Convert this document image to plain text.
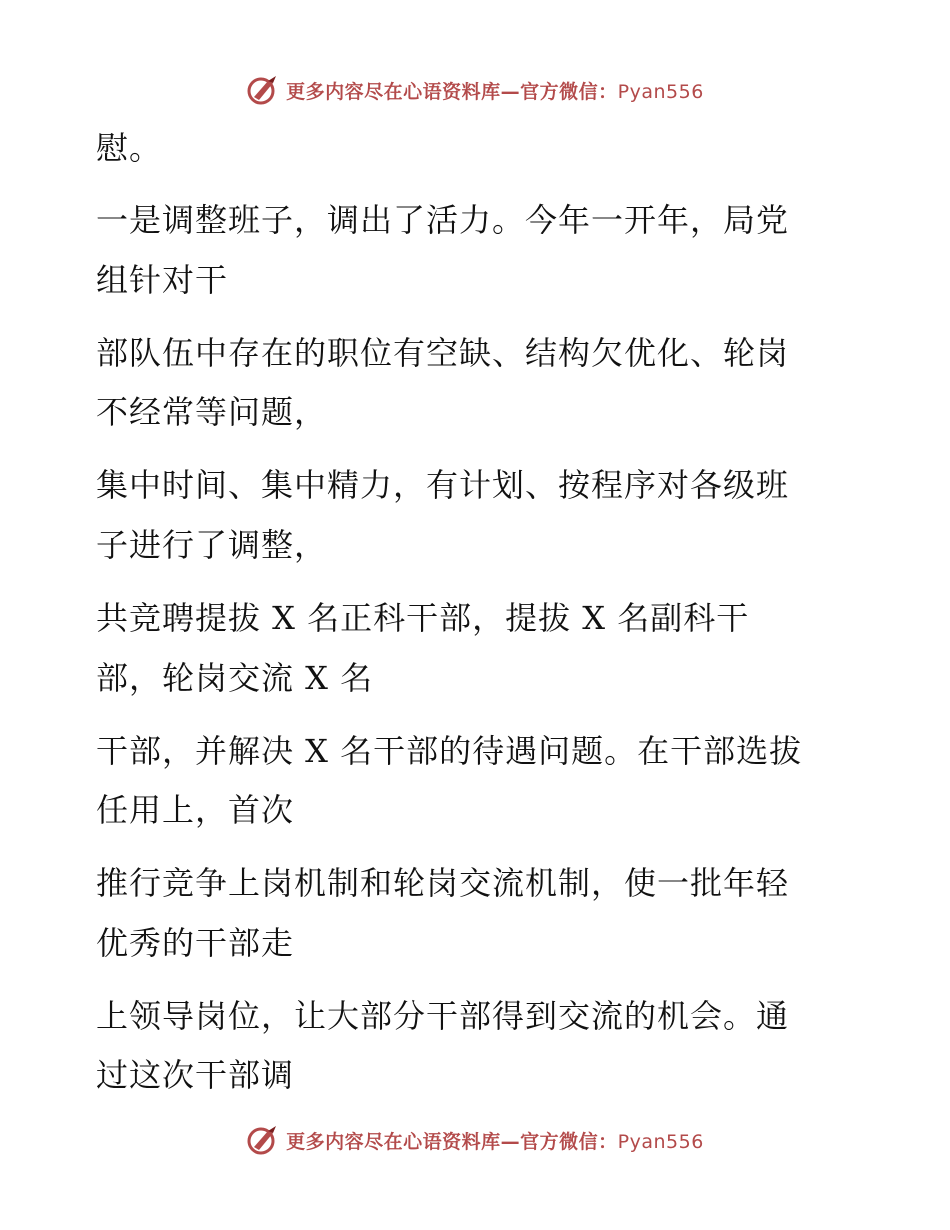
更多内容尽在心语资料库—官方微信：Pyan556
慰。
一是调整班子，调出了活力。今年一开年，局党
组针对干
部队伍中存在的职位有空缺、结构欠优化、轮岗
不经常等问题，
集中时间、集中精力，有计划、按程序对各级班
子进行了调整，
共竞聘提拔 X 名正科干部，提拔 X 名副科干
部，轮岗交流 X 名
干部，并解决 X 名干部的待遇问题。在干部选拔
任用上，首次
推行竞争上岗机制和轮岗交流机制，使一批年轻
优秀的干部走
上领导岗位，让大部分干部得到交流的机会。通
过这次干部调
更多内容尽在心语资料库—官方微信：Pyan556
